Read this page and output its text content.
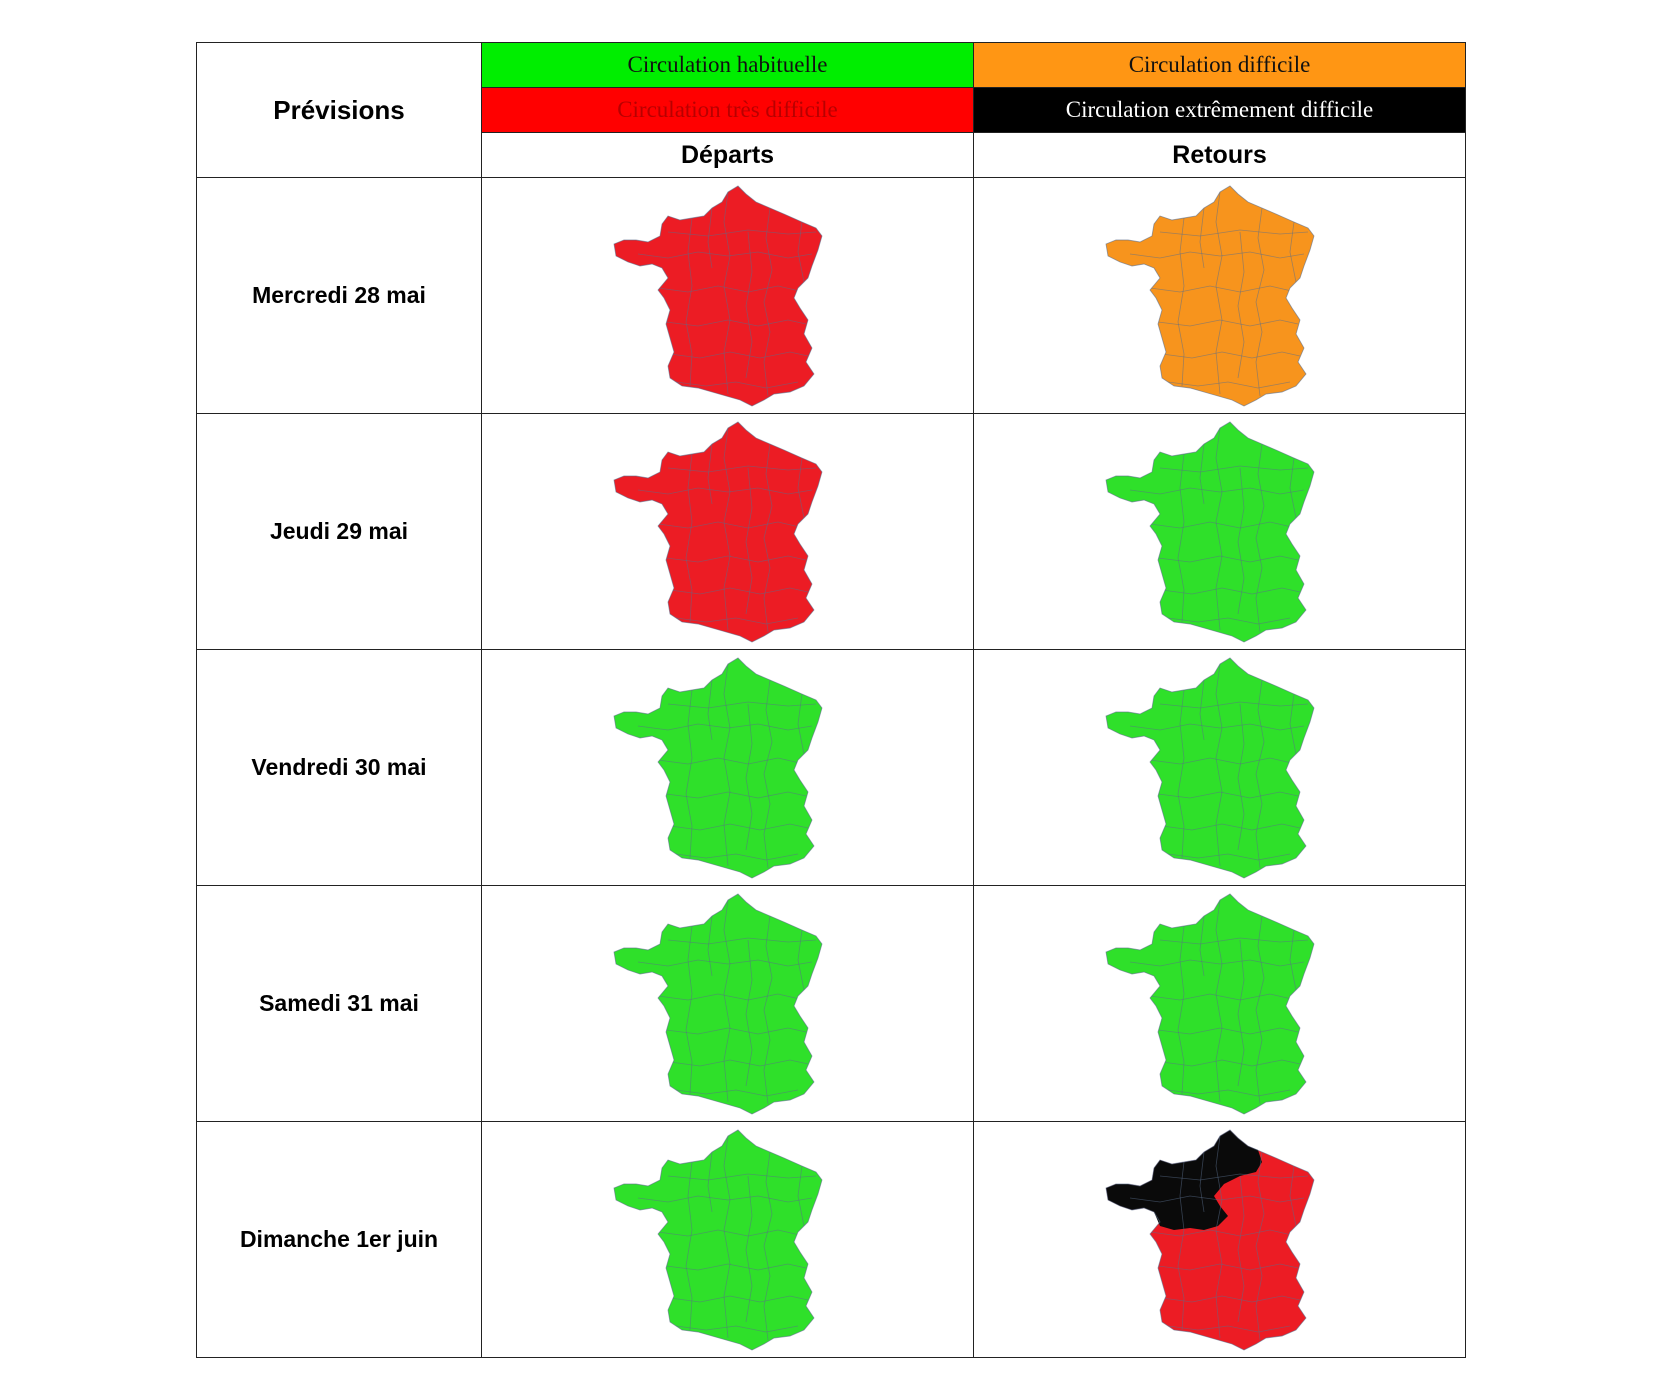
Prévisions	Circulation habituelle	Circulation difficile
	Circulation très difficile	Circulation extrêmement difficile
	Départs	Retours
Mercredi 28 mai	

Jeudi 29 mai	

Vendredi 30 mai	

Samedi 31 mai	

Dimanche 1er juin	
